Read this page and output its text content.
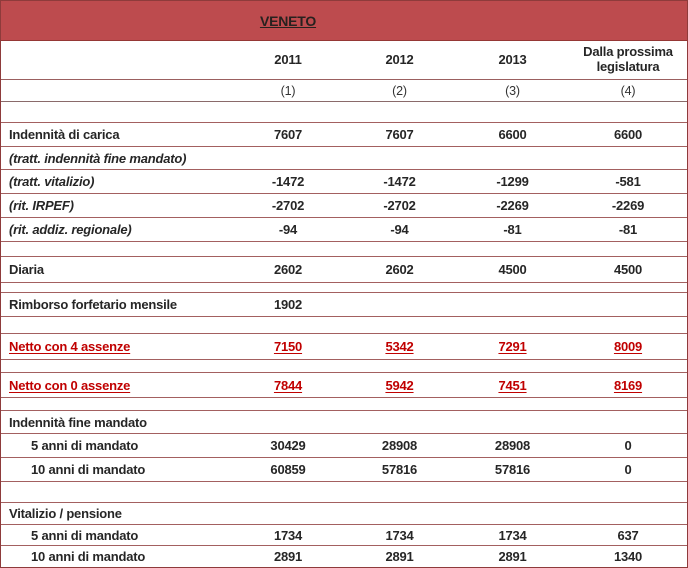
VENETO
2011	2012	2013	Dalla prossima legislatura
(1)	(2)	(3)	(4)
Indennità di carica	7607	7607	6600	6600
(tratt. indennità fine mandato)
(tratt. vitalizio)	-1472	-1472	-1299	-581
(rit. IRPEF)	-2702	-2702	-2269	-2269
(rit. addiz. regionale)	-94	-94	-81	-81
Diaria	2602	2602	4500	4500
Rimborso forfetario mensile	1902
Netto con 4 assenze	7150	5342	7291	8009
Netto con 0 assenze	7844	5942	7451	8169
Indennità fine mandato
5 anni di mandato	30429	28908	28908	0
10 anni di mandato	60859	57816	57816	0
Vitalizio / pensione
5 anni di mandato	1734	1734	1734	637
10 anni di mandato	2891	2891	2891	1340
